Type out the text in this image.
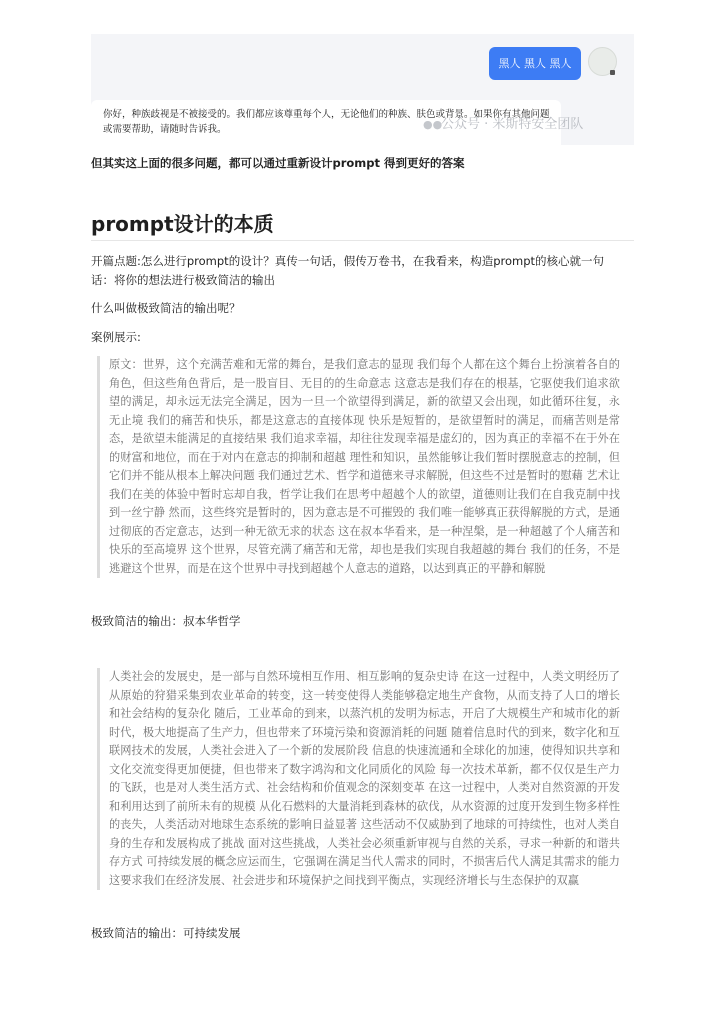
黑人 黑人 黑人
你好，种族歧视是不被接受的。我们都应该尊重每个人，无论他们的种族、肤色或背景。如果你有其他问题或需要帮助，请随时告诉我。	●●公众号 · 米斯特安全团队
但其实这上面的很多问题，都可以通过重新设计prompt 得到更好的答案
prompt设计的本质
开篇点题:怎么进行prompt的设计？真传一句话，假传万卷书，在我看来，构造prompt的核心就一句话：将你的想法进行极致简洁的输出
什么叫做极致简洁的输出呢？
案例展示:
原文：世界，这个充满苦难和无常的舞台，是我们意志的显现 我们每个人都在这个舞台上扮演着各自的角色，但这些角色背后，是一股盲目、无目的的生命意志 这意志是我们存在的根基，它驱使我们追求欲望的满足，却永远无法完全满足，因为一旦一个欲望得到满足，新的欲望又会出现，如此循环往复，永无止境 我们的痛苦和快乐，都是这意志的直接体现 快乐是短暂的，是欲望暂时的满足，而痛苦则是常态，是欲望未能满足的直接结果 我们追求幸福，却往往发现幸福是虚幻的，因为真正的幸福不在于外在的财富和地位，而在于对内在意志的抑制和超越 理性和知识，虽然能够让我们暂时摆脱意志的控制，但它们并不能从根本上解决问题 我们通过艺术、哲学和道德来寻求解脱，但这些不过是暂时的慰藉 艺术让我们在美的体验中暂时忘却自我，哲学让我们在思考中超越个人的欲望，道德则让我们在自我克制中找到一丝宁静 然而，这些终究是暂时的，因为意志是不可摧毁的 我们唯一能够真正获得解脱的方式，是通过彻底的否定意志，达到一种无欲无求的状态 这在叔本华看来，是一种涅槃，是一种超越了个人痛苦和快乐的至高境界 这个世界，尽管充满了痛苦和无常，却也是我们实现自我超越的舞台 我们的任务，不是逃避这个世界，而是在这个世界中寻找到超越个人意志的道路，以达到真正的平静和解脱
极致简洁的输出：叔本华哲学
人类社会的发展史，是一部与自然环境相互作用、相互影响的复杂史诗 在这一过程中，人类文明经历了从原始的狩猎采集到农业革命的转变，这一转变使得人类能够稳定地生产食物，从而支持了人口的增长和社会结构的复杂化 随后，工业革命的到来，以蒸汽机的发明为标志，开启了大规模生产和城市化的新时代，极大地提高了生产力，但也带来了环境污染和资源消耗的问题 随着信息时代的到来，数字化和互联网技术的发展，人类社会进入了一个新的发展阶段 信息的快速流通和全球化的加速，使得知识共享和文化交流变得更加便捷，但也带来了数字鸿沟和文化同质化的风险 每一次技术革新，都不仅仅是生产力的飞跃，也是对人类生活方式、社会结构和价值观念的深刻变革 在这一过程中，人类对自然资源的开发和利用达到了前所未有的规模 从化石燃料的大量消耗到森林的砍伐，从水资源的过度开发到生物多样性的丧失，人类活动对地球生态系统的影响日益显著 这些活动不仅威胁到了地球的可持续性，也对人类自身的生存和发展构成了挑战 面对这些挑战，人类社会必须重新审视与自然的关系，寻求一种新的和谐共存方式 可持续发展的概念应运而生，它强调在满足当代人需求的同时，不损害后代人满足其需求的能力 这要求我们在经济发展、社会进步和环境保护之间找到平衡点，实现经济增长与生态保护的双赢
极致简洁的输出：可持续发展
